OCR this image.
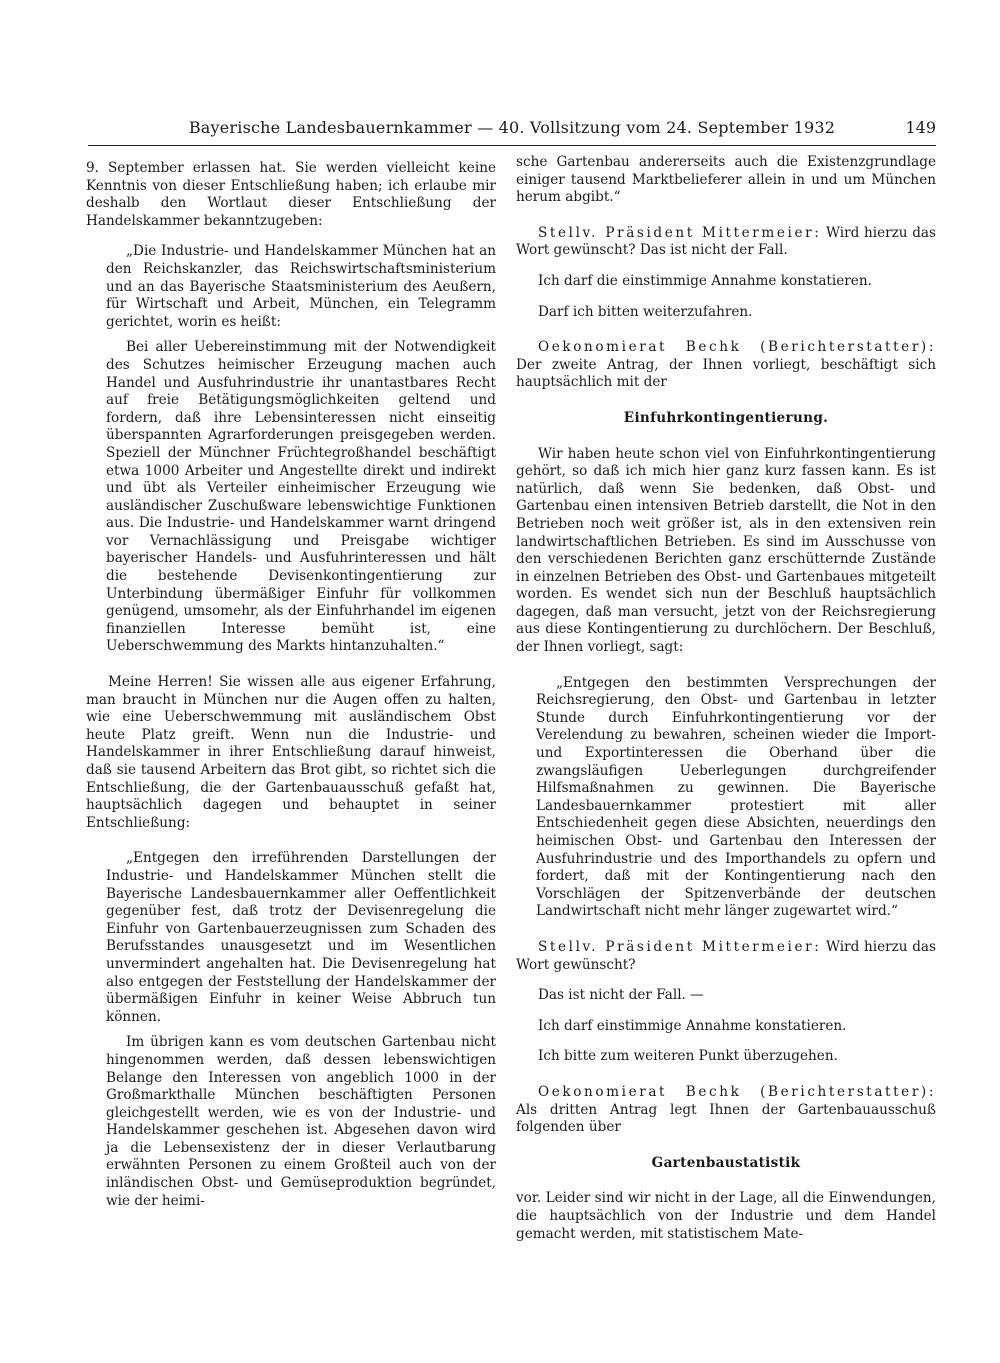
Bayerische Landesbauernkammer — 40. Vollsitzung vom 24. September 1932	149

9. September erlassen hat. Sie werden vielleicht keine Kenntnis von dieser Entschließung haben; ich erlaube mir deshalb den Wortlaut dieser Entschließung der Handelskammer bekanntzugeben:

„Die Industrie- und Handelskammer München hat an den Reichskanzler, das Reichswirtschaftsministerium und an das Bayerische Staatsministerium des Aeußern, für Wirtschaft und Arbeit, München, ein Telegramm gerichtet, worin es heißt:

Bei aller Uebereinstimmung mit der Notwendigkeit des Schutzes heimischer Erzeugung machen auch Handel und Ausfuhrindustrie ihr unantastbares Recht auf freie Betätigungsmöglichkeiten geltend und fordern, daß ihre Lebensinteressen nicht einseitig überspannten Agrarforderungen preisgegeben werden. Speziell der Münchner Früchtegroßhandel beschäftigt etwa 1000 Arbeiter und Angestellte direkt und indirekt und übt als Verteiler einheimischer Erzeugung wie ausländischer Zuschußware lebenswichtige Funktionen aus. Die Industrie- und Handelskammer warnt dringend vor Vernachlässigung und Preisgabe wichtiger bayerischer Handels- und Ausfuhrinteressen und hält die bestehende Devisenkontingentierung zur Unterbindung übermäßiger Einfuhr für vollkommen genügend, umsomehr, als der Einfuhrhandel im eigenen finanziellen Interesse bemüht ist, eine Ueberschwemmung des Markts hintanzuhalten.“

Meine Herren! Sie wissen alle aus eigener Erfahrung, man braucht in München nur die Augen offen zu halten, wie eine Ueberschwemmung mit ausländischem Obst heute Platz greift. Wenn nun die Industrie- und Handelskammer in ihrer Entschließung darauf hinweist, daß sie tausend Arbeitern das Brot gibt, so richtet sich die Entschließung, die der Gartenbauausschuß gefaßt hat, hauptsächlich dagegen und behauptet in seiner Entschließung:

„Entgegen den irreführenden Darstellungen der Industrie- und Handelskammer München stellt die Bayerische Landesbauernkammer aller Oeffentlichkeit gegenüber fest, daß trotz der Devisenregelung die Einfuhr von Gartenbauerzeugnissen zum Schaden des Berufsstandes unausgesetzt und im Wesentlichen unvermindert angehalten hat. Die Devisenregelung hat also entgegen der Feststellung der Handelskammer der übermäßigen Einfuhr in keiner Weise Abbruch tun können.

Im übrigen kann es vom deutschen Gartenbau nicht hingenommen werden, daß dessen lebenswichtigen Belange den Interessen von angeblich 1000 in der Großmarkthalle München beschäftigten Personen gleichgestellt werden, wie es von der Industrie- und Handelskammer geschehen ist. Abgesehen davon wird ja die Lebensexistenz der in dieser Verlautbarung erwähnten Personen zu einem Großteil auch von der inländischen Obst- und Gemüseproduktion begründet, wie der heimi-

sche Gartenbau andererseits auch die Existenzgrundlage einiger tausend Marktbelieferer allein in und um München herum abgibt.“

Stellv. Präsident Mittermeier: Wird hierzu das Wort gewünscht? Das ist nicht der Fall.

Ich darf die einstimmige Annahme konstatieren.

Darf ich bitten weiterzufahren.

Oekonomierat Bechk (Berichterstatter): Der zweite Antrag, der Ihnen vorliegt, beschäftigt sich hauptsächlich mit der

Einfuhrkontingentierung.

Wir haben heute schon viel von Einfuhrkontingentierung gehört, so daß ich mich hier ganz kurz fassen kann. Es ist natürlich, daß wenn Sie bedenken, daß Obst- und Gartenbau einen intensiven Betrieb darstellt, die Not in den Betrieben noch weit größer ist, als in den extensiven rein landwirtschaftlichen Betrieben. Es sind im Ausschusse von den verschiedenen Berichten ganz erschütternde Zustände in einzelnen Betrieben des Obst- und Gartenbaues mitgeteilt worden. Es wendet sich nun der Beschluß hauptsächlich dagegen, daß man versucht, jetzt von der Reichsregierung aus diese Kontingentierung zu durchlöchern. Der Beschluß, der Ihnen vorliegt, sagt:

„Entgegen den bestimmten Versprechungen der Reichsregierung, den Obst- und Gartenbau in letzter Stunde durch Einfuhrkontingentierung vor der Verelendung zu bewahren, scheinen wieder die Import- und Exportinteressen die Oberhand über die zwangsläufigen Ueberlegungen durchgreifender Hilfsmaßnahmen zu gewinnen. Die Bayerische Landesbauernkammer protestiert mit aller Entschiedenheit gegen diese Absichten, neuerdings den heimischen Obst- und Gartenbau den Interessen der Ausfuhrindustrie und des Importhandels zu opfern und fordert, daß mit der Kontingentierung nach den Vorschlägen der Spitzenverbände der deutschen Landwirtschaft nicht mehr länger zugewartet wird.“

Stellv. Präsident Mittermeier: Wird hierzu das Wort gewünscht?

Das ist nicht der Fall. —

Ich darf einstimmige Annahme konstatieren.

Ich bitte zum weiteren Punkt überzugehen.

Oekonomierat Bechk (Berichterstatter): Als dritten Antrag legt Ihnen der Gartenbauausschuß folgenden über

Gartenbaustatistik

vor. Leider sind wir nicht in der Lage, all die Einwendungen, die hauptsächlich von der Industrie und dem Handel gemacht werden, mit statistischem Mate-
